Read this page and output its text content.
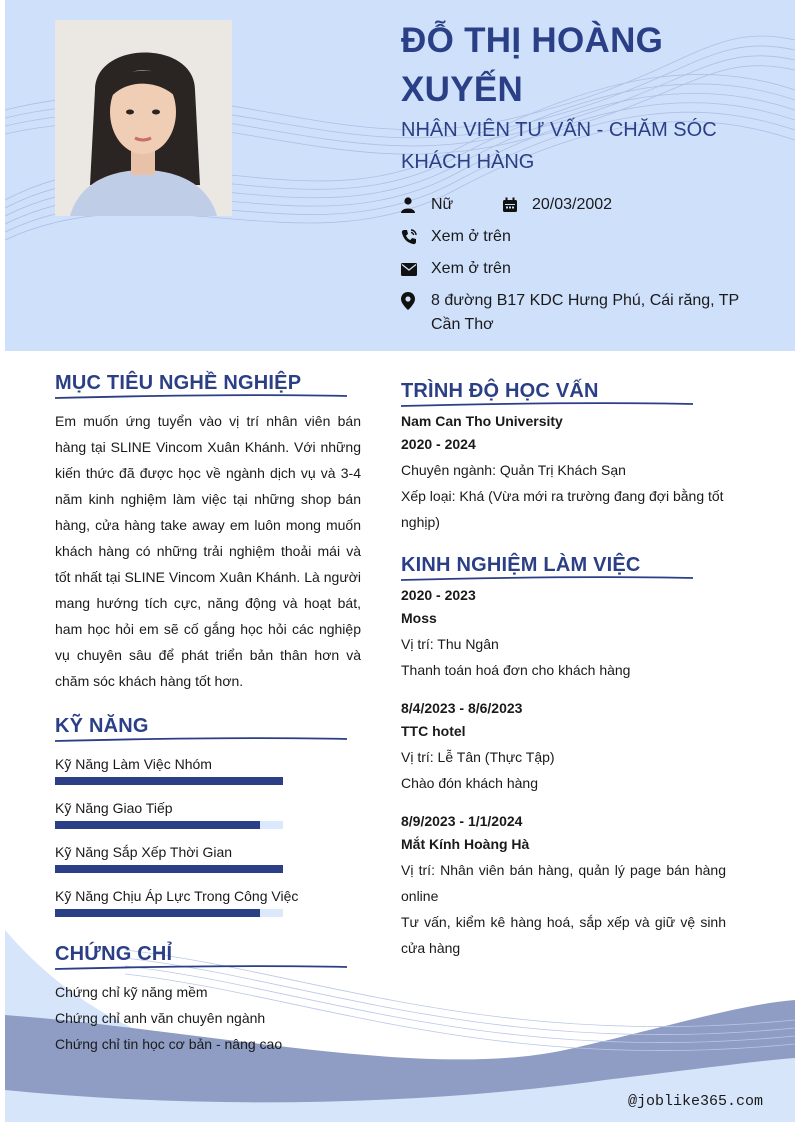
ĐỖ THỊ HOÀNG XUYẾN
NHÂN VIÊN TƯ VẤN - CHĂM SÓC KHÁCH HÀNG
Nữ	20/03/2002
Xem ở trên
Xem ở trên
8 đường B17 KDC Hưng Phú, Cái răng, TP Cần Thơ
MỤC TIÊU NGHỀ NGHIỆP
Em muốn ứng tuyển vào vị trí nhân viên bán hàng tại SLINE Vincom Xuân Khánh. Với những kiến thức đã được học về ngành dịch vụ và 3-4 năm kinh nghiệm làm việc tại những shop bán hàng, cửa hàng take away em luôn mong muốn khách hàng có những trải nghiệm thoải mái và tốt nhất tại SLINE Vincom Xuân Khánh. Là người mang hướng tích cực, năng động và hoạt bát, ham học hỏi em sẽ cố gắng học hỏi các nghiệp vụ chuyên sâu để phát triển bản thân hơn và chăm sóc khách hàng tốt hơn.
KỸ NĂNG
Kỹ Năng Làm Việc Nhóm
Kỹ Năng Giao Tiếp
Kỹ Năng Sắp Xếp Thời Gian
Kỹ Năng Chịu Áp Lực Trong Công Việc
CHỨNG CHỈ
Chứng chỉ kỹ năng mềm
Chứng chỉ anh văn chuyên ngành
Chứng chỉ tin học cơ bản - nâng cao
TRÌNH ĐỘ HỌC VẤN
Nam Can Tho University
2020 - 2024
Chuyên ngành: Quản Trị Khách Sạn
Xếp loại: Khá (Vừa mới ra trường đang đợi bằng tốt nghịp)
KINH NGHIỆM LÀM VIỆC
2020 - 2023
Moss
Vị trí: Thu Ngân
Thanh toán hoá đơn cho khách hàng
8/4/2023 - 8/6/2023
TTC hotel
Vị trí: Lễ Tân (Thực Tập)
Chào đón khách hàng
8/9/2023 - 1/1/2024
Mắt Kính Hoàng Hà
Vị trí: Nhân viên bán hàng, quản lý page bán hàng online
Tư vấn, kiểm kê hàng hoá, sắp xếp và giữ vệ sinh cửa hàng
@joblike365.com
